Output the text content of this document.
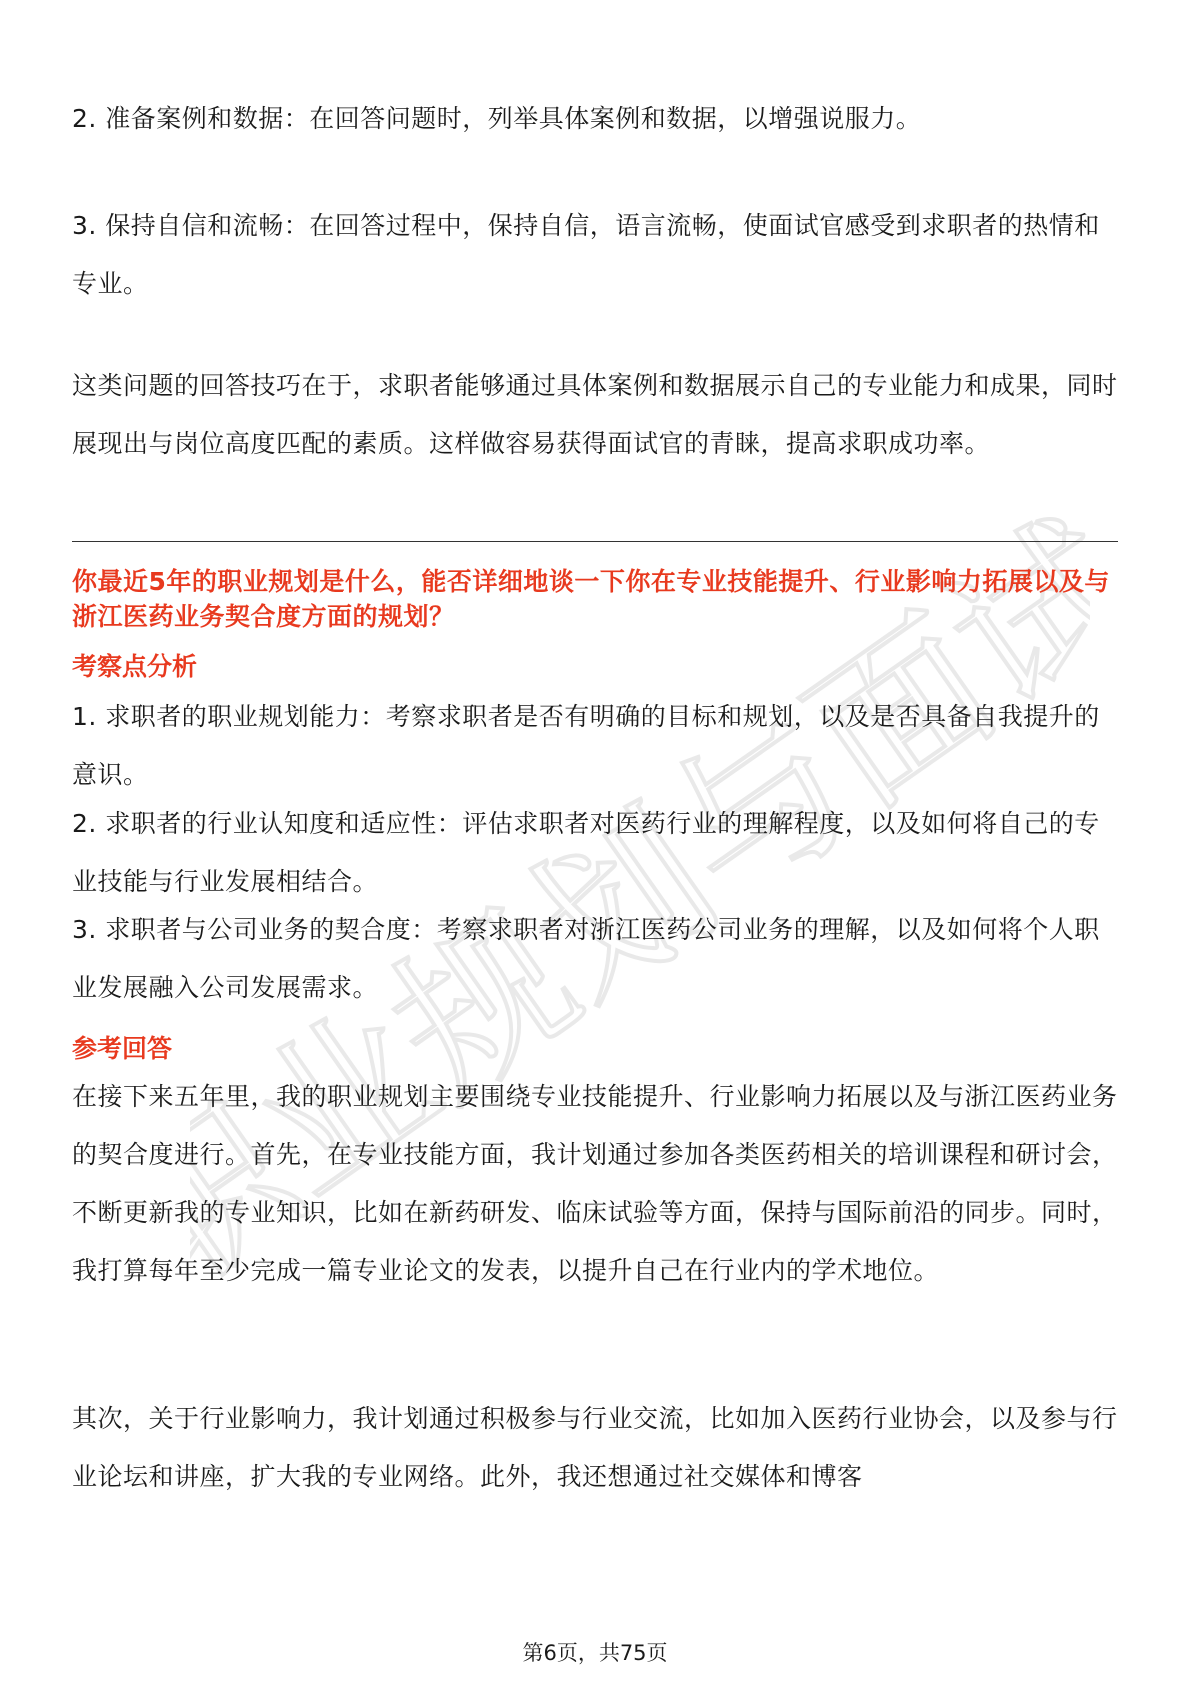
职业规划与面试

2. 准备案例和数据：在回答问题时，列举具体案例和数据，以增强说服力。

3. 保持自信和流畅：在回答过程中，保持自信，语言流畅，使面试官感受到求职者的热情和专业。

这类问题的回答技巧在于，求职者能够通过具体案例和数据展示自己的专业能力和成果，同时展现出与岗位高度匹配的素质。这样做容易获得面试官的青睐，提高求职成功率。

你最近5年的职业规划是什么，能否详细地谈一下你在专业技能提升、行业影响力拓展以及与浙江医药业务契合度方面的规划？

考察点分析

1. 求职者的职业规划能力：考察求职者是否有明确的目标和规划，以及是否具备自我提升的意识。

2. 求职者的行业认知度和适应性：评估求职者对医药行业的理解程度，以及如何将自己的专业技能与行业发展相结合。

3. 求职者与公司业务的契合度：考察求职者对浙江医药公司业务的理解，以及如何将个人职业发展融入公司发展需求。

参考回答

在接下来五年里，我的职业规划主要围绕专业技能提升、行业影响力拓展以及与浙江医药业务的契合度进行。首先，在专业技能方面，我计划通过参加各类医药相关的培训课程和研讨会，不断更新我的专业知识，比如在新药研发、临床试验等方面，保持与国际前沿的同步。同时，我打算每年至少完成一篇专业论文的发表，以提升自己在行业内的学术地位。

其次，关于行业影响力，我计划通过积极参与行业交流，比如加入医药行业协会，以及参与行业论坛和讲座，扩大我的专业网络。此外，我还想通过社交媒体和博客

第6页，共75页
